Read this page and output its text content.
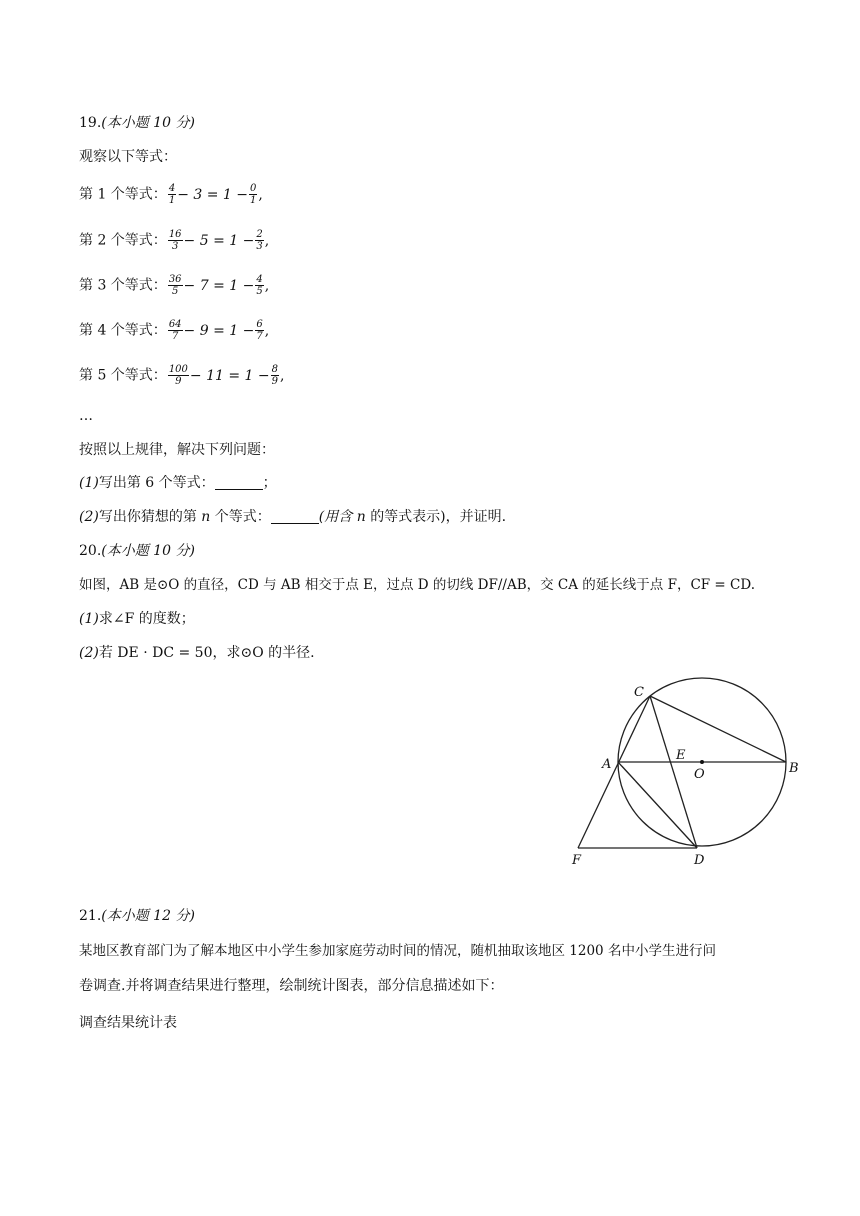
19.(本小题 10 分)
观察以下等式：
第 1 个等式： $\frac{4}{1} - 3 = 1 - \frac{0}{1}$ ,
第 2 个等式： $\frac{16}{3} - 5 = 1 - \frac{2}{3}$ ,
第 3 个等式： $\frac{36}{5} - 7 = 1 - \frac{4}{5}$ ,
第 4 个等式： $\frac{64}{7} - 9 = 1 - \frac{6}{7}$ ,
第 5 个等式： $\frac{100}{9} - 11 = 1 - \frac{8}{9}$ ,
…
按照以上规律，解决下列问题：
(1)写出第 6 个等式：	；
(2)写出你猜想的第 n 个等式：	(用含 n 的等式表示)，并证明.
20.(本小题 10 分)
如图，AB 是⊙O 的直径，CD 与 AB 相交于点 E，过点 D 的切线 DF//AB，交 CA 的延长线于点 F，CF = CD.
(1)求∠F 的度数；
(2)若 DE · DC = 50，求⊙O 的半径.
C
E
A
O	B
F	D
21.(本小题 12 分)
某地区教育部门为了解本地区中小学生参加家庭劳动时间的情况，随机抽取该地区 1200 名中小学生进行问
卷调查.并将调查结果进行整理，绘制统计图表，部分信息描述如下：
调查结果统计表
